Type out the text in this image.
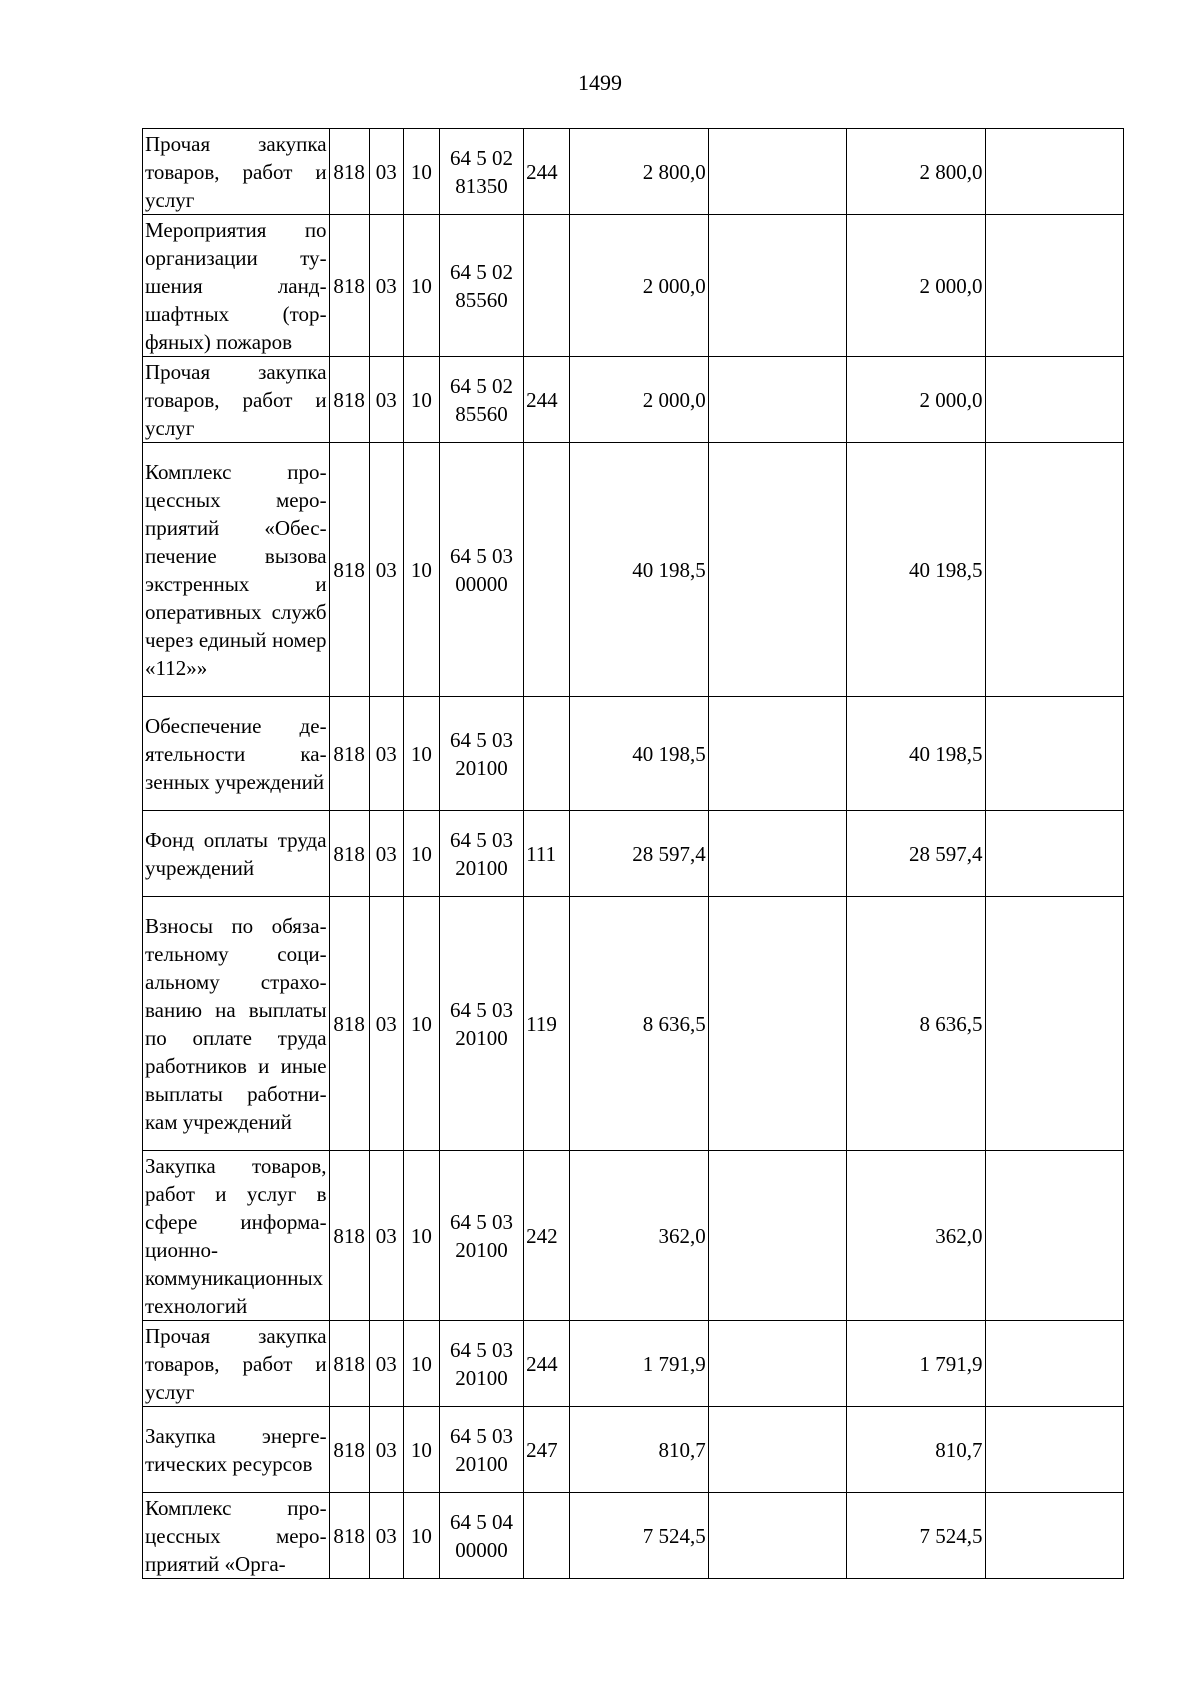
1499
Прочая закупка товаров, работ и услуг	818	03	10	64 5 02 81350	244	2 800,0		2 800,0	
Мероприятия по организации тушения ландшафтных (торфяных) пожаров	818	03	10	64 5 02 85560		2 000,0		2 000,0	
Прочая закупка товаров, работ и услуг	818	03	10	64 5 02 85560	244	2 000,0		2 000,0	
Комплекс процессных мероприятий «Обеспечение вызова экстренных и оперативных служб через единый номер «112»»	818	03	10	64 5 03 00000		40 198,5		40 198,5	
Обеспечение деятельности казенных учреждений	818	03	10	64 5 03 20100		40 198,5		40 198,5	
Фонд оплаты труда учреждений	818	03	10	64 5 03 20100	111	28 597,4		28 597,4	
Взносы по обязательному социальному страхованию на выплаты по оплате труда работников и иные выплаты работникам учреждений	818	03	10	64 5 03 20100	119	8 636,5		8 636,5	
Закупка товаров, работ и услуг в сфере информационно-коммуникационных технологий	818	03	10	64 5 03 20100	242	362,0		362,0	
Прочая закупка товаров, работ и услуг	818	03	10	64 5 03 20100	244	1 791,9		1 791,9	
Закупка энергетических ресурсов	818	03	10	64 5 03 20100	247	810,7		810,7	
Комплекс процессных мероприятий «Орга-	818	03	10	64 5 04 00000		7 524,5		7 524,5	
